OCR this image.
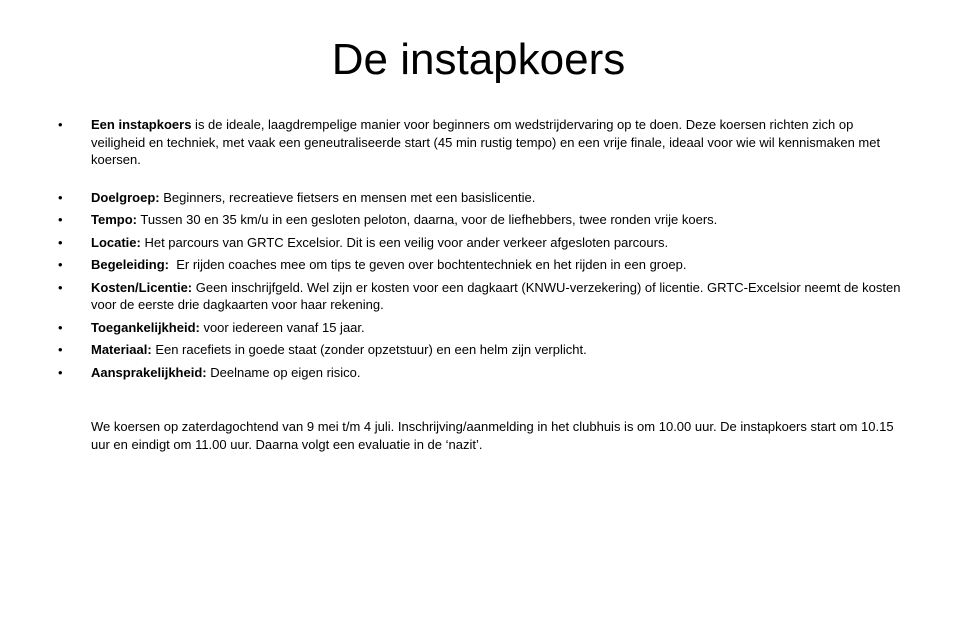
De instapkoers
•	Een instapkoers is de ideale, laagdrempelige manier voor beginners om wedstrijdervaring op te doen. Deze koersen richten zich op veiligheid en techniek, met vaak een geneutraliseerde start (45 min rustig tempo) en een vrije finale, ideaal voor wie wil kennismaken met koersen.
•	Doelgroep: Beginners, recreatieve fietsers en mensen met een basislicentie.
•	Tempo: Tussen 30 en 35 km/u in een gesloten peloton, daarna, voor de liefhebbers, twee ronden vrije koers.
•	Locatie: Het parcours van GRTC Excelsior. Dit is een veilig voor ander verkeer afgesloten parcours.
•	Begeleiding:  Er rijden coaches mee om tips te geven over bochtentechniek en het rijden in een groep.
•	Kosten/Licentie: Geen inschrijfgeld. Wel zijn er kosten voor een dagkaart (KNWU-verzekering) of licentie. GRTC-Excelsior neemt de kosten voor de eerste drie dagkaarten voor haar rekening.
•	Toegankelijkheid: voor iedereen vanaf 15 jaar.
•	Materiaal: Een racefiets in goede staat (zonder opzetstuur) en een helm zijn verplicht.
•	Aansprakelijkheid: Deelname op eigen risico.

We koersen op zaterdagochtend van 9 mei t/m 4 juli. Inschrijving/aanmelding in het clubhuis is om 10.00 uur. De instapkoers start om 10.15 uur en eindigt om 11.00 uur. Daarna volgt een evaluatie in de ‘nazit’.
